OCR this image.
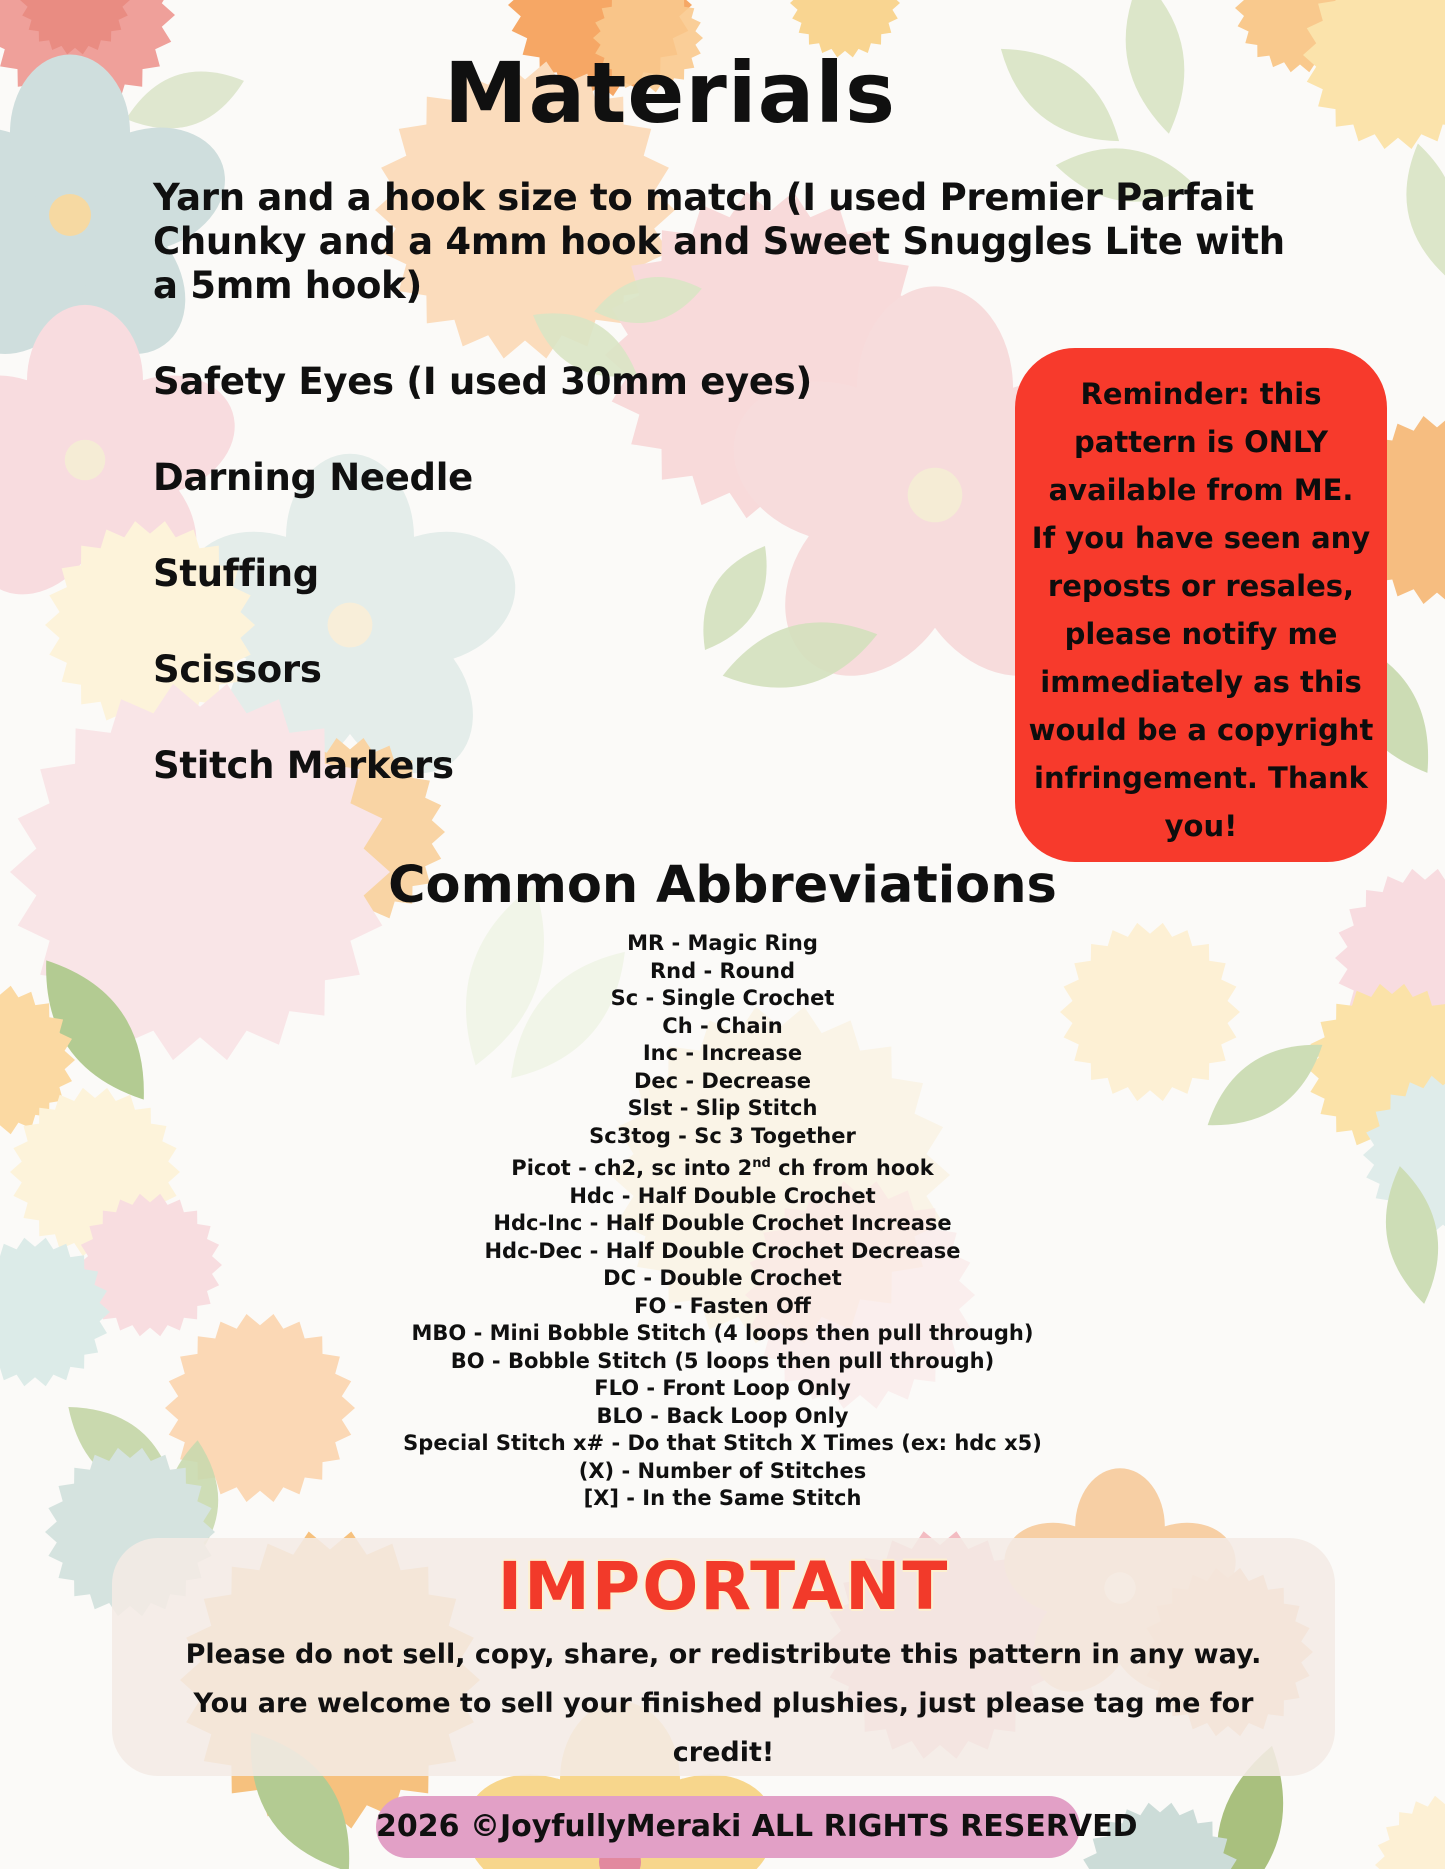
Materials
Yarn and a hook size to match (I used Premier Parfait
Chunky and a 4mm hook and Sweet Snuggles Lite with
a 5mm hook)
Safety Eyes (I used 30mm eyes)
Darning Needle
Stuffing
Scissors
Stitch Markers
Reminder: this
pattern is ONLY
available from ME.
If you have seen any
reposts or resales,
please notify me
immediately as this
would be a copyright
infringement. Thank
you!
Common Abbreviations
MR - Magic Ring
Rnd - Round
Sc - Single Crochet
Ch - Chain
Inc - Increase
Dec - Decrease
Slst - Slip Stitch
Sc3tog - Sc 3 Together
Picot - ch2, sc into 2nd ch from hook
Hdc - Half Double Crochet
Hdc-Inc - Half Double Crochet Increase
Hdc-Dec - Half Double Crochet Decrease
DC - Double Crochet
FO - Fasten Off
MBO - Mini Bobble Stitch (4 loops then pull through)
BO - Bobble Stitch (5 loops then pull through)
FLO - Front Loop Only
BLO - Back Loop Only
Special Stitch x# - Do that Stitch X Times (ex: hdc x5)
(X) - Number of Stitches
[X] - In the Same Stitch
IMPORTANT
Please do not sell, copy, share, or redistribute this pattern in any way.
You are welcome to sell your finished plushies, just please tag me for
credit!
2026 ©JoyfullyMeraki ALL RIGHTS RESERVED
